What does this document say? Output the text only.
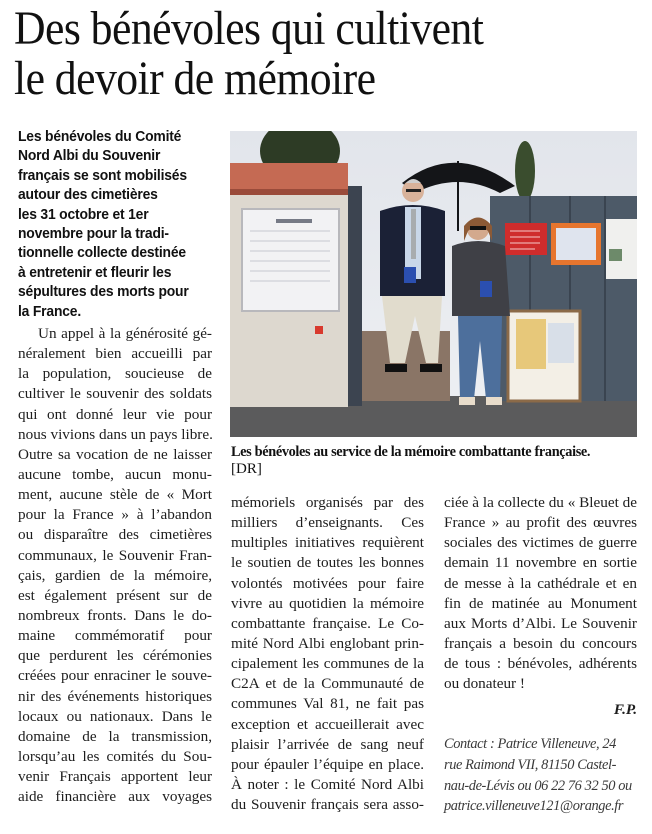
Des bénévoles qui cultivent
le devoir de mémoire
Les bénévoles du Comité
Nord Albi du Souvenir
français se sont mobilisés
autour des cimetières
les 31 octobre et 1er
novembre pour la tradi-
tionnelle collecte destinée
à entretenir et fleurir les
sépultures des morts pour
la France.
Les bénévoles au service de la mémoire combattante française.
[DR]
Un appel à la générosité gé-
néralement bien accueilli par
la population, soucieuse de
cultiver le souvenir des soldats
qui ont donné leur vie pour
nous vivions dans un pays libre.
Outre sa vocation de ne laisser
aucune tombe, aucun monu-
ment, aucune stèle de « Mort
pour la France » à l’abandon
ou disparaître des cimetières
communaux, le Souvenir Fran-
çais, gardien de la mémoire,
est également présent sur de
nombreux fronts. Dans le do-
maine commémoratif pour
que perdurent les cérémonies
créées pour enraciner le souve-
nir des événements historiques
locaux ou nationaux. Dans le
domaine de la transmission,
lorsqu’au les comités du Sou-
venir Français apportent leur
aide financière aux voyages
mémoriels organisés par des
milliers d’enseignants. Ces
multiples initiatives requièrent
le soutien de toutes les bonnes
volontés motivées pour faire
vivre au quotidien la mémoire
combattante française. Le Co-
mité Nord Albi englobant prin-
cipalement les communes de la
C2A et de la Communauté de
communes Val 81, ne fait pas
exception et accueillerait avec
plaisir l’arrivée de sang neuf
pour épauler l’équipe en place.
À noter : le Comité Nord Albi
du Souvenir français sera asso-
ciée à la collecte du « Bleuet de
France » au profit des œuvres
sociales des victimes de guerre
demain 11 novembre en sortie
de messe à la cathédrale et en
fin de matinée au Monument
aux Morts d’Albi. Le Souvenir
français a besoin du concours
de tous : bénévoles, adhérents
ou donateur !
F.P.
Contact : Patrice Villeneuve, 24
rue Raimond VII, 81150 Castel-
nau-de-Lévis ou 06 22 76 32 50 ou
patrice.villeneuve121@orange.fr
